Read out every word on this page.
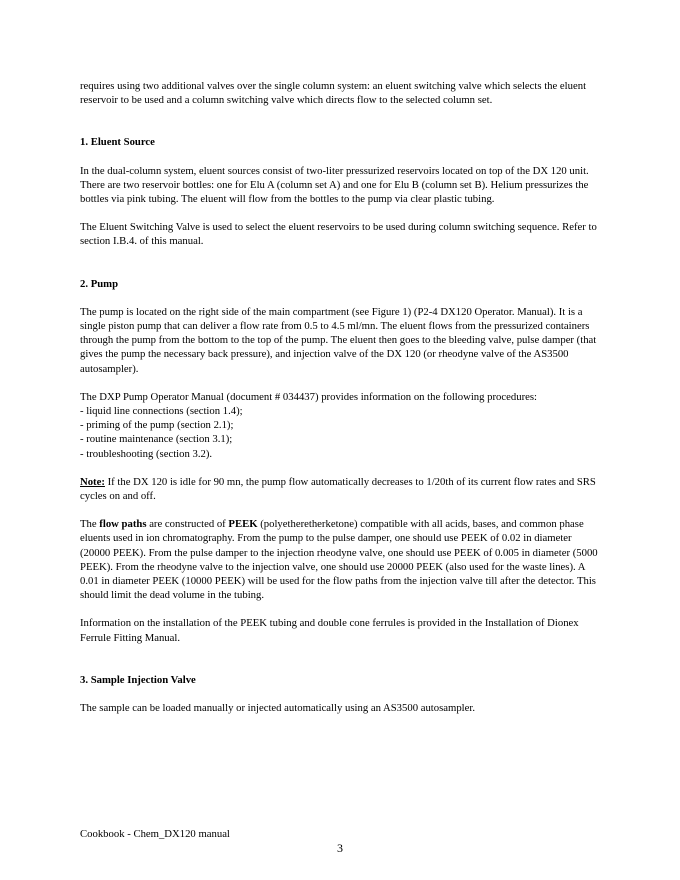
requires using two additional valves over the single column system: an eluent switching valve which selects the eluent reservoir to be used and a column switching valve which directs flow to the selected column set.

1. Eluent Source

In the dual-column system, eluent sources consist of two-liter pressurized reservoirs located on top of the DX 120 unit. There are two reservoir bottles: one for Elu A (column set A) and one for Elu B (column set B). Helium pressurizes the bottles via pink tubing. The eluent will flow from the bottles to the pump via clear plastic tubing.

The Eluent Switching Valve is used to select the eluent reservoirs to be used during column switching sequence. Refer to section I.B.4. of this manual.

2. Pump

The pump is located on the right side of the main compartment (see Figure 1) (P2-4 DX120 Operator. Manual). It is a single piston pump that can deliver a flow rate from 0.5 to 4.5 ml/mn. The eluent flows from the pressurized containers through the pump from the bottom to the top of the pump. The eluent then goes to the bleeding valve, pulse damper (that gives the pump the necessary back pressure), and injection valve of the DX 120 (or rheodyne valve of the AS3500 autosampler).

The DXP Pump Operator Manual (document # 034437) provides information on the following procedures:

- liquid line connections (section 1.4);

- priming of the pump (section 2.1);

- routine maintenance (section 3.1);

- troubleshooting (section 3.2).

Note: If the DX 120 is idle for 90 mn, the pump flow automatically decreases to 1/20th of its current flow rates and SRS cycles on and off.

The flow paths are constructed of PEEK (polyetheretherketone) compatible with all acids, bases, and common phase eluents used in ion chromatography. From the pump to the pulse damper, one should use PEEK of 0.02 in diameter (20000 PEEK). From the pulse damper to the injection rheodyne valve, one should use PEEK of 0.005 in diameter (5000 PEEK). From the rheodyne valve to the injection valve, one should use 20000 PEEK (also used for the waste lines). A 0.01 in diameter PEEK (10000 PEEK) will be used for the flow paths from the injection valve till after the detector. This should limit the dead volume in the tubing.

Information on the installation of the PEEK tubing and double cone ferrules is provided in the Installation of Dionex Ferrule Fitting Manual.

3. Sample Injection Valve

The sample can be loaded manually or injected automatically using an AS3500 autosampler.

Cookbook - Chem_DX120 manual
3
